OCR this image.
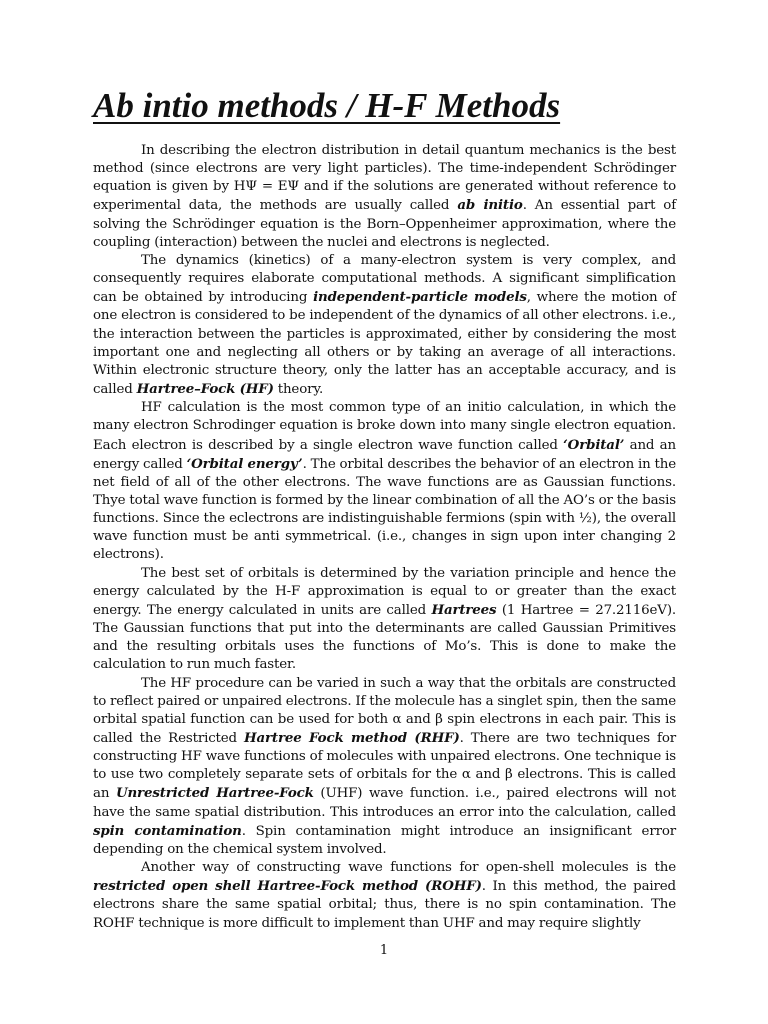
Ab intio methods / H-F Methods

In describing the electron distribution in detail quantum mechanics is the best method (since electrons are very light particles). The time-independent Schrödinger equation is given by HΨ = EΨ and if the solutions are generated without reference to experimental data, the methods are usually called ab initio. An essential part of solving the Schrödinger equation is the Born–Oppenheimer approximation, where the coupling (interaction) between the nuclei and electrons is neglected.

The dynamics (kinetics) of a many-electron system is very complex, and consequently requires elaborate computational methods. A significant simplification can be obtained by introducing independent-particle models, where the motion of one electron is considered to be independent of the dynamics of all other electrons. i.e., the interaction between the particles is approximated, either by considering the most important one and neglecting all others or by taking an average of all interactions. Within electronic structure theory, only the latter has an acceptable accuracy, and is called Hartree–Fock (HF) theory.

HF calculation is the most common type of an initio calculation, in which the many electron Schrodinger equation is broke down into many single electron equation. Each electron is described by a single electron wave function called ‘Orbital’ and an energy called ‘Orbital energy’. The orbital describes the behavior of an electron in the net field of all of the other electrons. The wave functions are as Gaussian functions. Thye total wave function is formed by the linear combination of all the AO’s or the basis functions. Since the eclectrons are indistinguishable fermions (spin with ½), the overall wave function must be anti symmetrical. (i.e., changes in sign upon inter changing 2 electrons).

The best set of orbitals is determined by the variation principle and hence the energy calculated by the H-F approximation is equal to or greater than the exact energy. The energy calculated in units are called Hartrees (1 Hartree = 27.2116eV). The Gaussian functions that put into the determinants are called Gaussian Primitives and the resulting orbitals uses the functions of Mo’s. This is done to make the calculation to run much faster.

The HF procedure can be varied in such a way that the orbitals are constructed to reflect paired or unpaired electrons. If the molecule has a singlet spin, then the same orbital spatial function can be used for both α and β spin electrons in each pair. This is called the Restricted Hartree Fock method (RHF). There are two techniques for constructing HF wave functions of molecules with unpaired electrons. One technique is to use two completely separate sets of orbitals for the α and β electrons. This is called an Unrestricted Hartree-Fock (UHF) wave function. i.e., paired electrons will not have the same spatial distribution. This introduces an error into the calculation, called spin contamination. Spin contamination might introduce an insignificant error depending on the chemical system involved.

Another way of constructing wave functions for open-shell molecules is the restricted open shell Hartree-Fock method (ROHF). In this method, the paired electrons share the same spatial orbital; thus, there is no spin contamination. The ROHF technique is more difficult to implement than UHF and may require slightly

1
